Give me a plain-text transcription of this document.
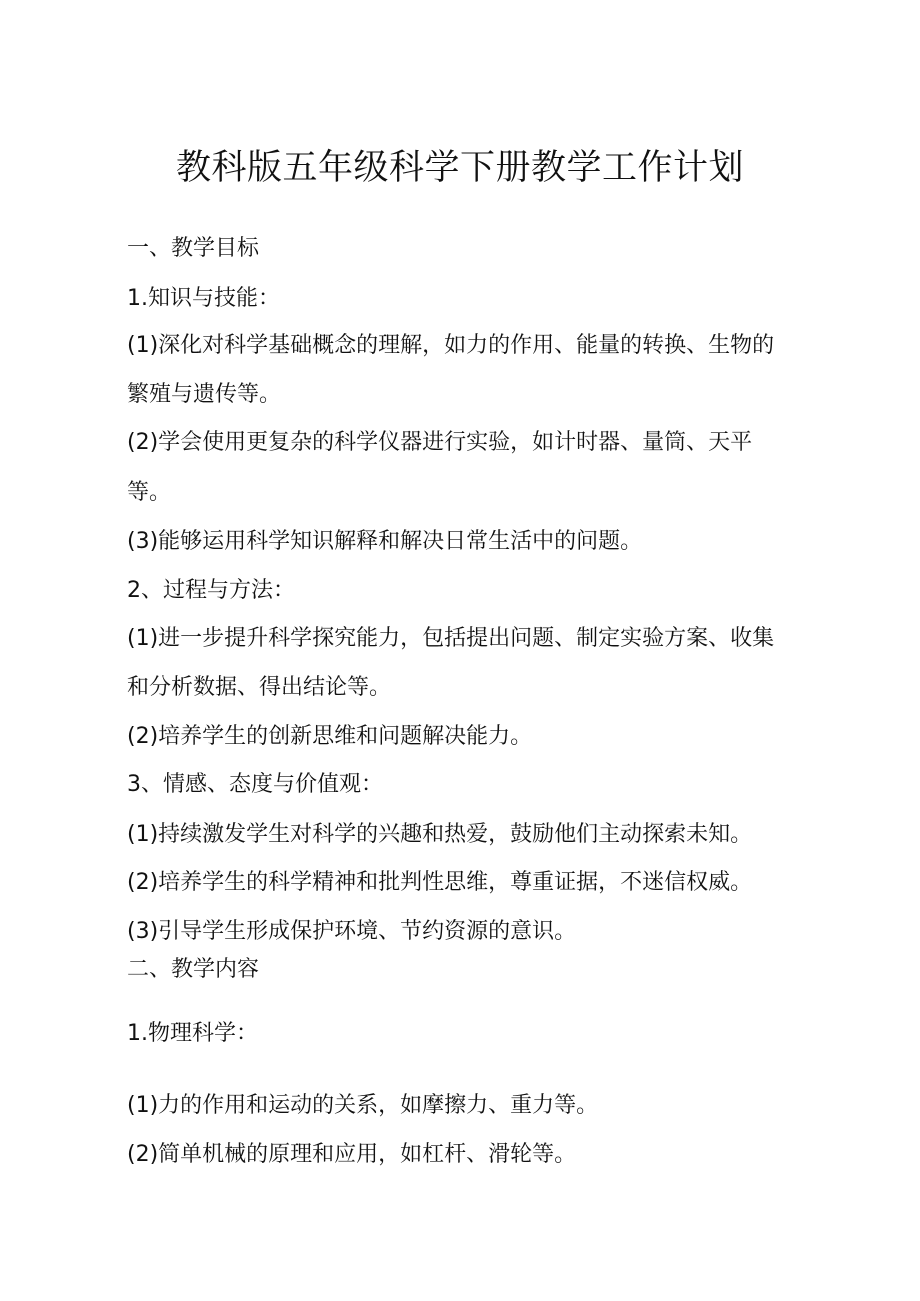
教科版五年级科学下册教学工作计划

一、教学目标

1.知识与技能：

(1)深化对科学基础概念的理解，如力的作用、能量的转换、生物的

繁殖与遗传等。

(2)学会使用更复杂的科学仪器进行实验，如计时器、量筒、天平

等。

(3)能够运用科学知识解释和解决日常生活中的问题。

2、过程与方法：

(1)进一步提升科学探究能力，包括提出问题、制定实验方案、收集

和分析数据、得出结论等。

(2)培养学生的创新思维和问题解决能力。

3、情感、态度与价值观：

(1)持续激发学生对科学的兴趣和热爱，鼓励他们主动探索未知。

(2)培养学生的科学精神和批判性思维，尊重证据，不迷信权威。

(3)引导学生形成保护环境、节约资源的意识。

二、教学内容

1.物理科学：

(1)力的作用和运动的关系，如摩擦力、重力等。

(2)简单机械的原理和应用，如杠杆、滑轮等。
